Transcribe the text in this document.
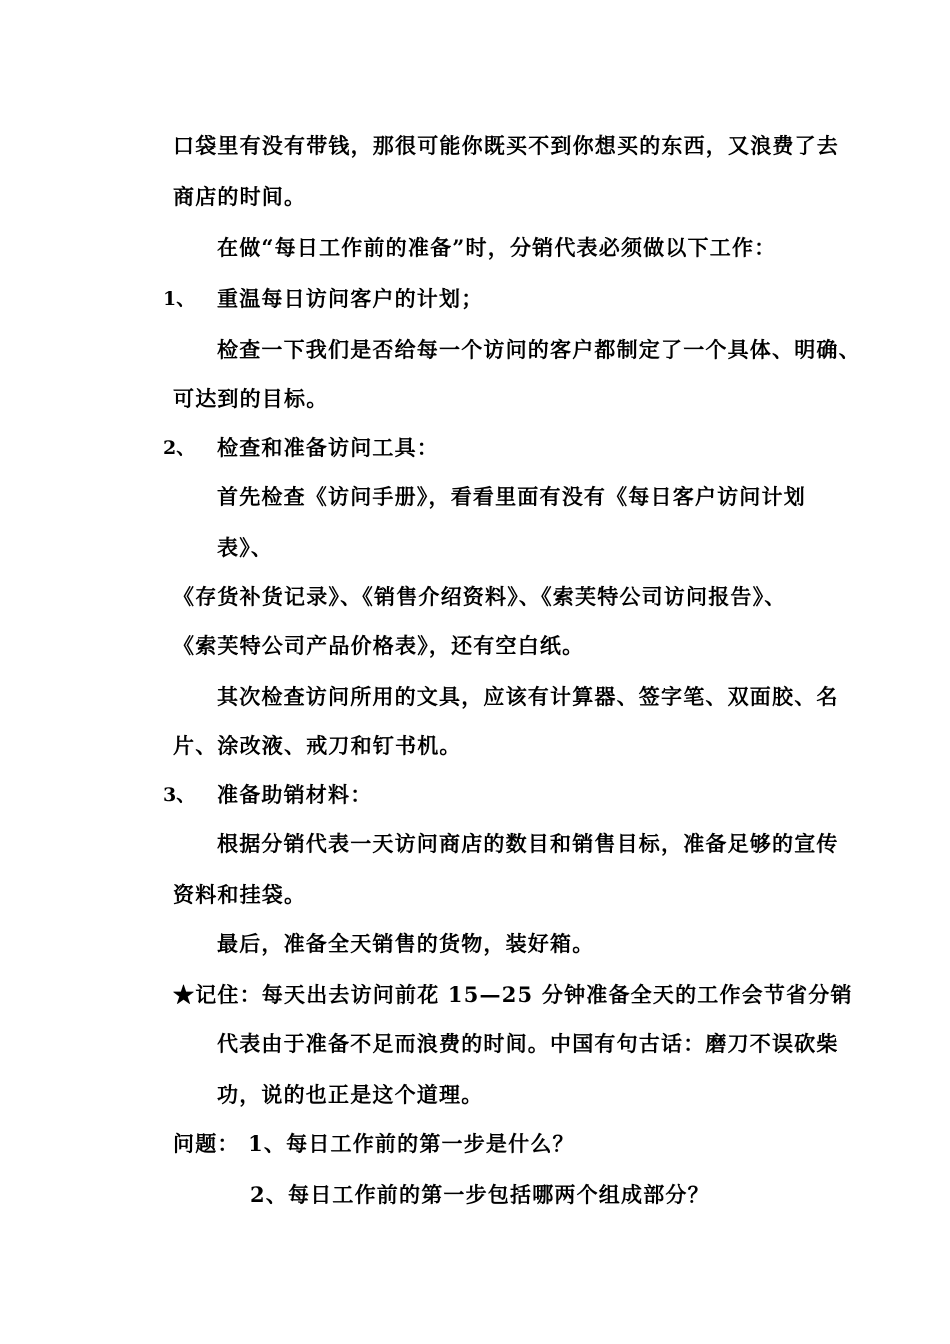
口袋里有没有带钱，那很可能你既买不到你想买的东西，又浪费了去
商店的时间。
在做“每日工作前的准备”时，分销代表必须做以下工作：
1、 重温每日访问客户的计划；
检查一下我们是否给每一个访问的客户都制定了一个具体、明确、
可达到的目标。
2、 检查和准备访问工具：
首先检查《访问手册》，看看里面有没有《每日客户访问计划
表》、
《存货补货记录》、《销售介绍资料》、《索芙特公司访问报告》、
《索芙特公司产品价格表》，还有空白纸。
其次检查访问所用的文具，应该有计算器、签字笔、双面胶、名
片、涂改液、戒刀和钉书机。
3、 准备助销材料：
根据分销代表一天访问商店的数目和销售目标，准备足够的宣传
资料和挂袋。
最后，准备全天销售的货物，装好箱。
★记住：每天出去访问前花 15—25 分钟准备全天的工作会节省分销
代表由于准备不足而浪费的时间。中国有句古话：磨刀不误砍柴
功，说的也正是这个道理。
问题： 1、每日工作前的第一步是什么？
2、每日工作前的第一步包括哪两个组成部分？
